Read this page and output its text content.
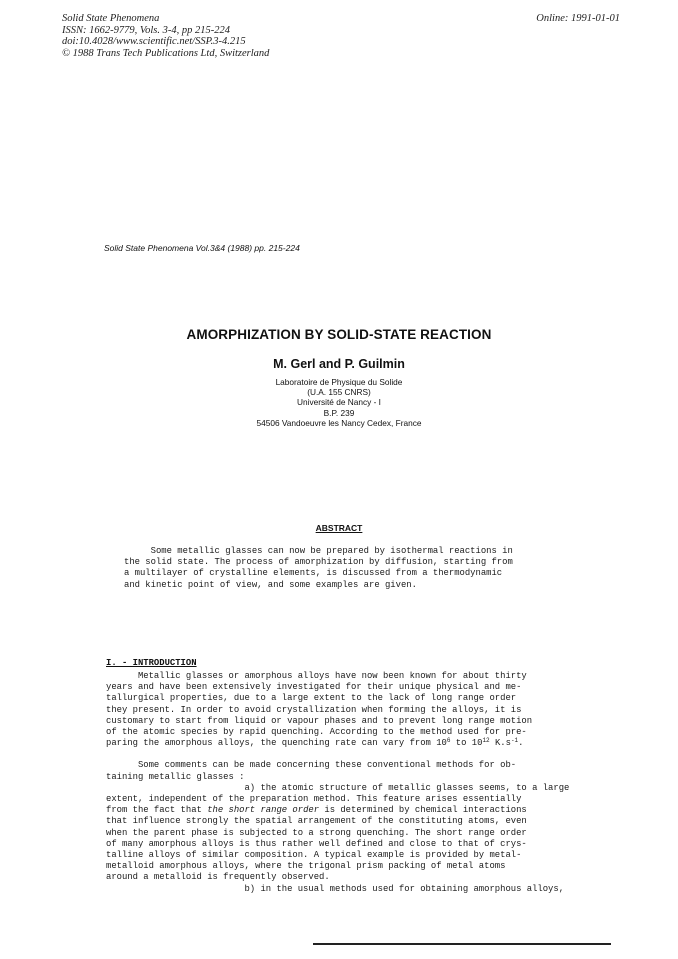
Solid State Phenomena
ISSN: 1662-9779, Vols. 3-4, pp 215-224
doi:10.4028/www.scientific.net/SSP.3-4.215
© 1988 Trans Tech Publications Ltd, Switzerland
Online: 1991-01-01
Solid State Phenomena Vol.3&4 (1988) pp. 215-224
AMORPHIZATION BY SOLID-STATE REACTION
M. Gerl and P. Guilmin
Laboratoire de Physique du Solide
(U.A. 155 CNRS)
Université de Nancy - I
B.P. 239
54506 Vandoeuvre les Nancy Cedex, France
ABSTRACT
Some metallic glasses can now be prepared by isothermal reactions in
the solid state. The process of amorphization by diffusion, starting from
a multilayer of crystalline elements, is discussed from a thermodynamic
and kinetic point of view, and some examples are given.
I. - INTRODUCTION
Metallic glasses or amorphous alloys have now been known for about thirty
years and have been extensively investigated for their unique physical and me-
tallurgical properties, due to a large extent to the lack of long range order
they present. In order to avoid crystallization when forming the alloys, it is
customary to start from liquid or vapour phases and to prevent long range motion
of the atomic species by rapid quenching. According to the method used for pre-
paring the amorphous alloys, the quenching rate can vary from $10^6$ to $10^{12}$ $K.s^{-1}$.
Some comments can be made concerning these conventional methods for ob-
taining metallic glasses :
a) the atomic structure of metallic glasses seems, to a large
extent, independent of the preparation method. This feature arises essentially
from the fact that the short range order is determined by chemical interactions
that influence strongly the spatial arrangement of the constituting atoms, even
when the parent phase is subjected to a strong quenching. The short range order
of many amorphous alloys is thus rather well defined and close to that of crys-
talline alloys of similar composition. A typical example is provided by metal-
metalloid amorphous alloys, where the trigonal prism packing of metal atoms
around a metalloid is frequently observed.
b) in the usual methods used for obtaining amorphous alloys,
